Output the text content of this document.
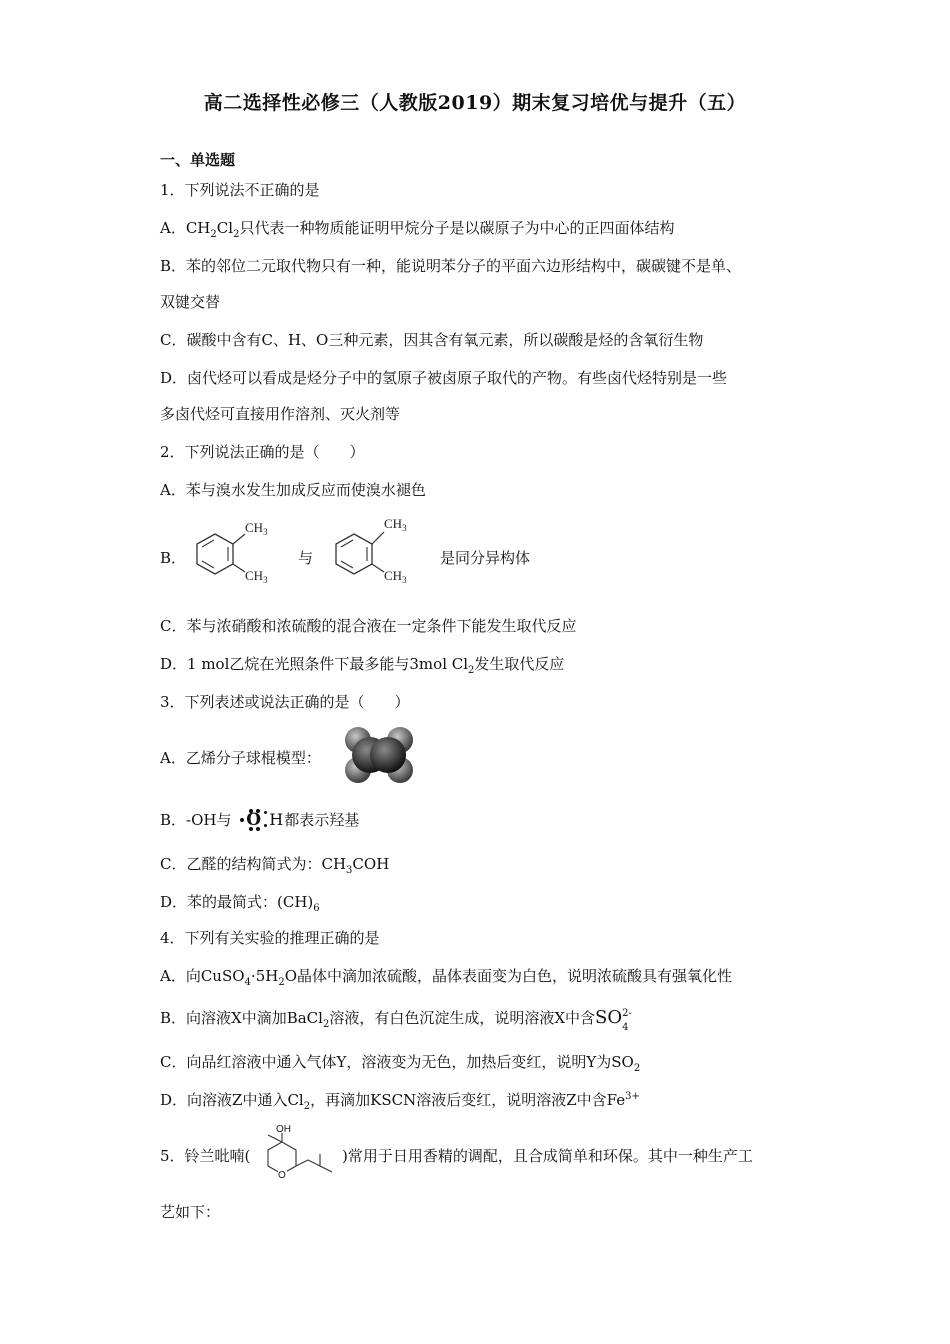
高二选择性必修三（人教版2019）期末复习培优与提升（五）
一、单选题
1．下列说法不正确的是
A．$CH_2Cl_2$只代表一种物质能证明甲烷分子是以碳原子为中心的正四面体结构
B．苯的邻位二元取代物只有一种，能说明苯分子的平面六边形结构中，碳碳键不是单、
双键交替
C．碳酸中含有C、H、O三种元素，因其含有氧元素，所以碳酸是烃的含氧衍生物
D．卤代烃可以看成是烃分子中的氢原子被卤原子取代的产物。有些卤代烃特别是一些
多卤代烃可直接用作溶剂、灭火剂等
2．下列说法正确的是（　　）
A．苯与溴水发生加成反应而使溴水褪色
B．
$CH_3$
$CH_3$
与
$CH_3$
$CH_3$
是同分异构体
C．苯与浓硝酸和浓硫酸的混合液在一定条件下能发生取代反应
D．1 mol乙烷在光照条件下最多能与3mol $Cl_2$发生取代反应
3．下列表述或说法正确的是（　　）
A．乙烯分子球棍模型：
B．-OH与 O H 都表示羟基
C．乙醛的结构简式为：$CH_3COH$
D．苯的最简式：$(CH)_6$
4．下列有关实验的推理正确的是
A．向$CuSO_4\cdot 5H_2O$晶体中滴加浓硫酸，晶体表面变为白色，说明浓硫酸具有强氧化性
B．向溶液X中滴加BaCl$_2$溶液，有白色沉淀生成，说明溶液X中含SO 2-
4
C．向品红溶液中通入气体Y，溶液变为无色，加热后变红，说明Y为$SO_2$
D．向溶液Z中通入$Cl_2$，再滴加KSCN溶液后变红，说明溶液Z中含$Fe^{3+}$
5．铃兰吡喃(
OH
O
)常用于日用香精的调配，且合成简单和环保。其中一种生产工
艺如下：
